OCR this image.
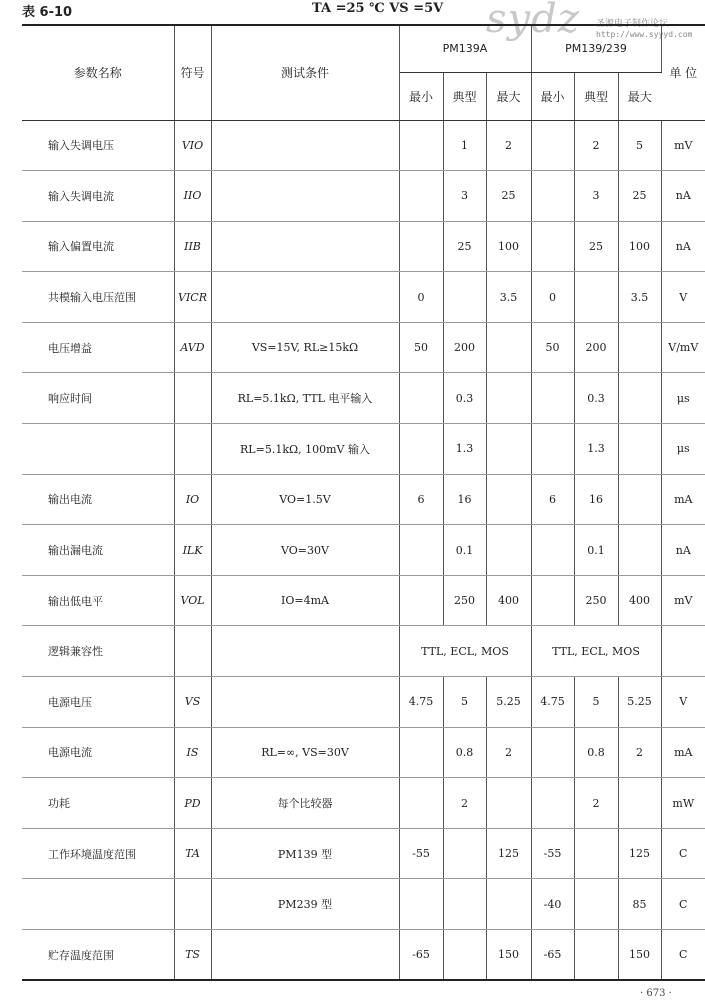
表 6-10	TA =25 ℃ VS =5V sydz 圣源电子制作论坛
http://www.syyyd.com
参数名称	符号	测试条件	PM139A			PM139/239			单 位
			最小	典型	最大	最小	典型	最大	
输入失调电压	VIO			1	2		2	5	mV
输入失调电流	IIO			3	25		3	25	nA
输入偏置电流	IIB			25	100		25	100	nA
共模输入电压范围	VICR		0		3.5	0		3.5	V
电压增益	AVD	VS=15V, RL≥15kΩ	50	200		50	200		V/mV
响应时间		RL=5.1kΩ, TTL 电平输入		0.3			0.3		μs
		RL=5.1kΩ, 100mV 输入		1.3			1.3		μs
输出电流	IO	VO=1.5V	6	16		6	16		mA
输出漏电流	ILK	VO=30V		0.1			0.1		nA
输出低电平	VOL	IO=4mA		250	400		250	400	mV
逻辑兼容性			TTL, ECL, MOS			TTL, ECL, MOS			
电源电压	VS		4.75	5	5.25	4.75	5	5.25	V
电源电流	IS	RL=∞, VS=30V		0.8	2		0.8	2	mA
功耗	PD	每个比较器		2			2		mW
工作环境温度范围	TA	PM139 型	-55		125	-55		125	C
		PM239 型				-40		85	C
贮存温度范围	TS		-65		150	-65		150	C
· 673 ·
